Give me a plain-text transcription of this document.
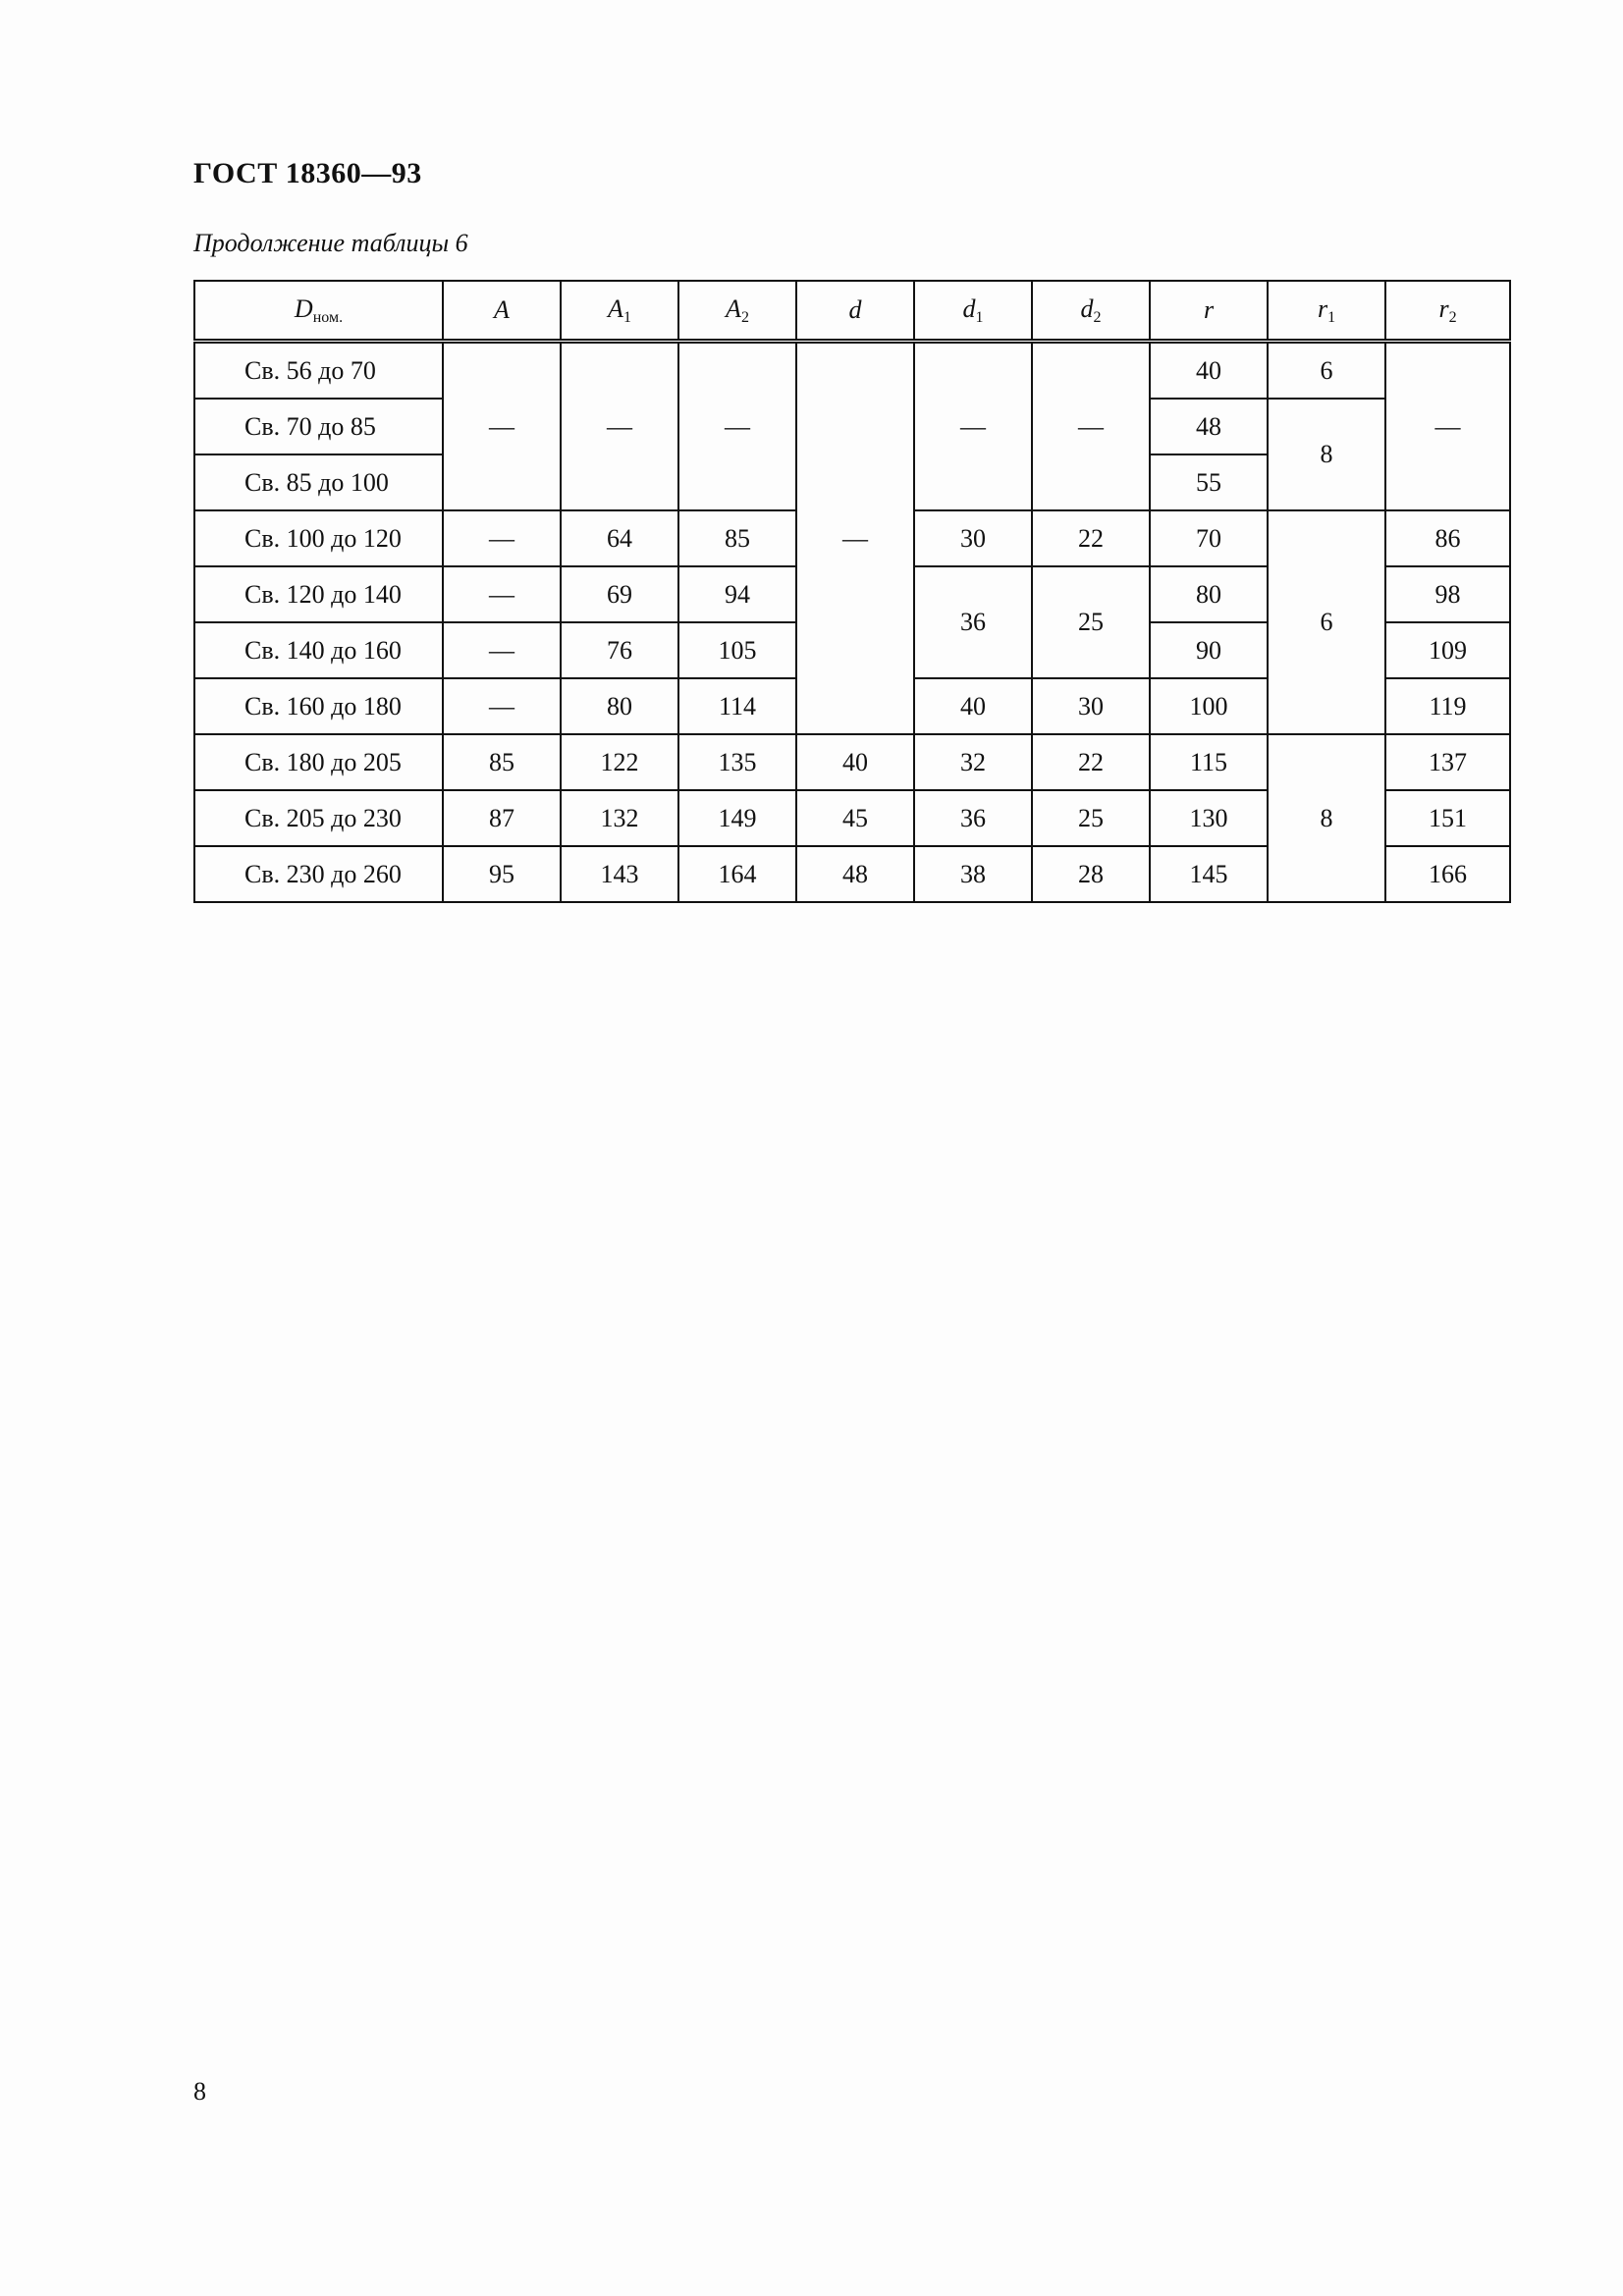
ГОСТ 18360—93
Продолжение таблицы 6
$D_{ном.}$	A	$A_1$	$A_2$	d	$d_1$	$d_2$	r	$r_1$	$r_2$
Св. 56 до 70	—	—	—	—	—	—	40	6	—
Св. 70 до 85							48	8	
Св. 85 до 100							55		
Св. 100 до 120	—	64	85		30	22	70	6	86
Св. 120 до 140	—	69	94		36	25	80		98
Св. 140 до 160	—	76	105				90		109
Св. 160 до 180	—	80	114		40	30	100		119
Св. 180 до 205	85	122	135	40	32	22	115	8	137
Св. 205 до 230	87	132	149	45	36	25	130		151
Св. 230 до 260	95	143	164	48	38	28	145		166
8
